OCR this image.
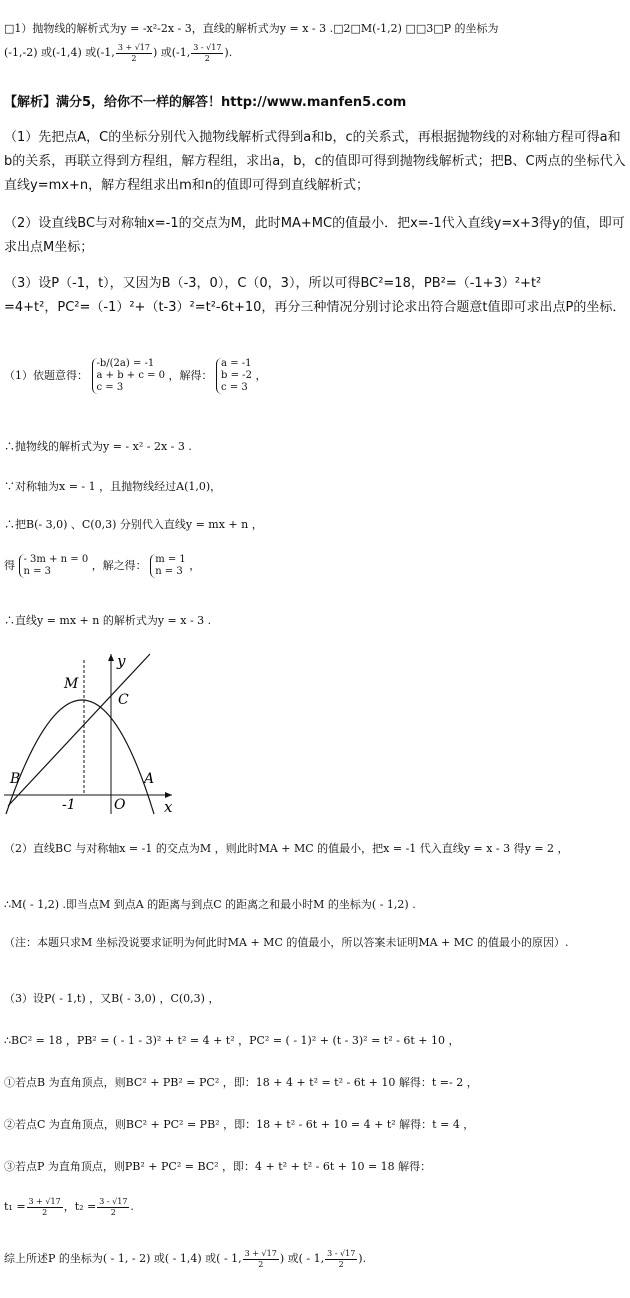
□1）抛物线的解析式为y = -x²-2x - 3，直线的解析式为y = x - 3 .□2□M(-1,2) □□3□P 的坐标为
(-1,-2) 或(-1,4) 或(-1, $\frac{3 + √17}{2}$ ) 或(-1, $\frac{3 - √17}{2}$ ).
【解析】满分5，给你不一样的解答！http://www.manfen5.com
（1）先把点A，C的坐标分别代入抛物线解析式得到a和b，c的关系式，再根据抛物线的对称轴方程可得a和b的关系，再联立得到方程组，解方程组，求出a，b，c的值即可得到抛物线解析式；把B、C两点的坐标代入直线y=mx+n，解方程组求出m和n的值即可得到直线解析式；
（2）设直线BC与对称轴x=-1的交点为M，此时MA+MC的值最小．把x=-1代入直线y=x+3得y的值，即可求出点M坐标；
（3）设P（-1，t），又因为B（-3，0），C（0，3），所以可得BC²=18，PB²=（-1+3）²+t²
=4+t²，PC²=（-1）²+（t-3）²=t²-6t+10，再分三种情况分别讨论求出符合题意t值即可求出点P的坐标．
（1）依题意得：
-b/(2a) = -1
a + b + c = 0
c = 3
，解得：
a = -1
b = -2
c = 3
，
∴抛物线的解析式为y = - x² - 2x - 3 .
∵对称轴为x = - 1 ，且抛物线经过A(1,0)，
∴把B(- 3,0) 、C(0,3) 分别代入直线y = mx + n ，
得 - 3m + n = 0
n = 3	，解之得： m = 1
n = 3 ，
∴直线y = mx + n 的解析式为y = x - 3 .
y
x
M
C
B	A
O
-1
（2）直线BC 与对称轴x = -1 的交点为M ，则此时MA + MC 的值最小，把x = -1 代入直线y = x - 3 得y = 2 ，
∴M( - 1,2) .即当点M 到点A 的距离与到点C 的距离之和最小时M 的坐标为( - 1,2) .
（注：本题只求M 坐标没说要求证明为何此时MA + MC 的值最小，所以答案未证明MA + MC 的值最小的原因）.
（3）设P( - 1,t) ，又B( - 3,0) ，C(0,3) ，
∴BC² = 18 ，PB² = ( - 1 - 3)² + t² = 4 + t² ，PC² = ( - 1)² + (t - 3)² = t² - 6t + 10 ，
①若点B 为直角顶点，则BC² + PB² = PC² ，即：18 + 4 + t² = t² - 6t + 10 解得：t =- 2 ，
②若点C 为直角顶点，则BC² + PC² = PB² ，即：18 + t² - 6t + 10 = 4 + t² 解得：t = 4 ，
③若点P 为直角顶点，则PB² + PC² = BC² ，即：4 + t² + t² - 6t + 10 = 18 解得：
$t_1 = \frac{3 + √17}{2}$ ，$t_2 = \frac{3 - √17}{2}$ .
综上所述P 的坐标为( - 1, - 2) 或( - 1,4) 或( - 1, $\frac{3 + √17}{2}$ ) 或( - 1, $\frac{3 - √17}{2}$ ).
